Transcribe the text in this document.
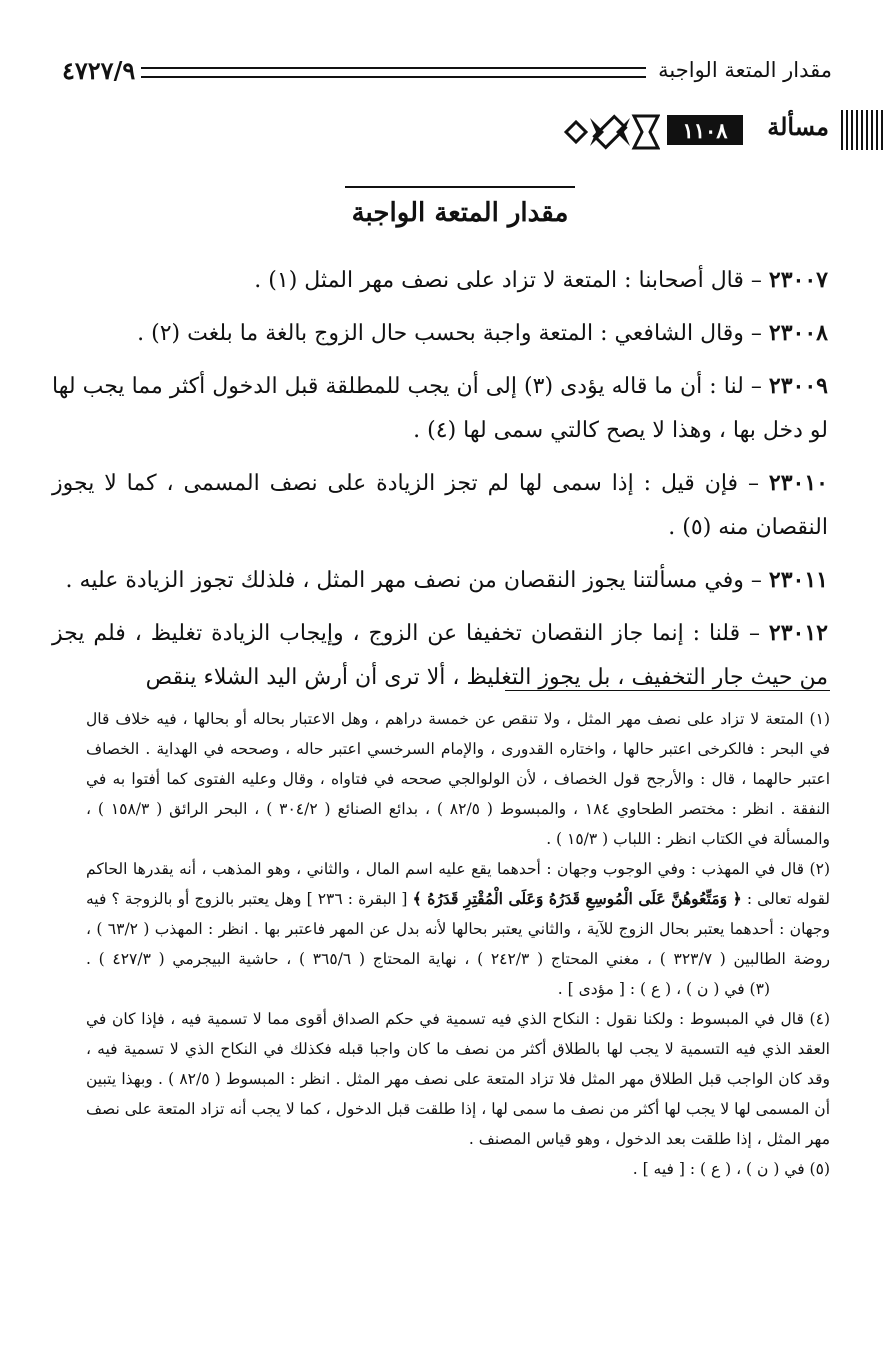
مقدار المتعة الواجبة
٤٧٢٧/٩
١١٠٨	مسألة
مقدار المتعة الواجبة

٢٣٠٠٧ – قال أصحابنا : المتعة لا تزاد على نصف مهر المثل (١) .

٢٣٠٠٨ – وقال الشافعي : المتعة واجبة بحسب حال الزوج بالغة ما بلغت (٢) .

٢٣٠٠٩ – لنا : أن ما قاله يؤدى (٣) إلى أن يجب للمطلقة قبل الدخول أكثر مما يجب لها لو دخل بها ، وهذا لا يصح كالتي سمى لها (٤) .

٢٣٠١٠ – فإن قيل : إذا سمى لها لم تجز الزيادة على نصف المسمى ، كما لا يجوز النقصان منه (٥) .

٢٣٠١١ – وفي مسألتنا يجوز النقصان من نصف مهر المثل ، فلذلك تجوز الزيادة عليه .

٢٣٠١٢ – قلنا : إنما جاز النقصان تخفيفا عن الزوج ، وإيجاب الزيادة تغليظ ، فلم يجز من حيث جار التخفيف ، بل يجوز التغليظ ، ألا ترى أن أرش اليد الشلاء ينقص

(١) المتعة لا تزاد على نصف مهر المثل ، ولا تنقص عن خمسة دراهم ، وهل الاعتبار بحاله أو بحالها ، فيه خلاف قال في البحر : فالكرخى اعتبر حالها ، واختاره القدورى ، والإمام السرخسي اعتبر حاله ، وصححه في الهداية . الخصاف اعتبر حالهما ، قال : والأرجح قول الخصاف ، لأن الولوالجي صححه في فتاواه ، وقال وعليه الفتوى كما أفتوا به في النفقة . انظر : مختصر الطحاوي ١٨٤ ، والمبسوط ( ٨٢/٥ ) ، بدائع الصنائع ( ٣٠٤/٢ ) ، البحر الرائق ( ١٥٨/٣ ) ، والمسألة في الكتاب انظر : اللباب ( ١٥/٣ ) .

(٢) قال في المهذب : وفي الوجوب وجهان : أحدهما يقع عليه اسم المال ، والثاني ، وهو المذهب ، أنه يقدرها الحاكم لقوله تعالى : ﴿ وَمَتِّعُوهُنَّ عَلَى الْمُوسِعِ قَدَرُهُ وَعَلَى الْمُقْتِرِ قَدَرُهُ ﴾ [ البقرة : ٢٣٦ ] وهل يعتبر بالزوج أو بالزوجة ؟ فيه وجهان : أحدهما يعتبر بحال الزوج للآية ، والثاني يعتبر بحالها لأنه بدل عن المهر فاعتبر بها . انظر : المهذب ( ٦٣/٢ ) ، روضة الطالبين ( ٣٢٣/٧ ) ، مغني المحتاج ( ٢٤٢/٣ ) ، نهاية المحتاج ( ٣٦٥/٦ ) ، حاشية البيجرمي ( ٤٢٧/٣ ) .(٣) في ( ن ) ، ( ع ) : [ مؤدى ] .

(٤) قال في المبسوط : ولكنا نقول : النكاح الذي فيه تسمية في حكم الصداق أقوى مما لا تسمية فيه ، فإذا كان في العقد الذي فيه التسمية لا يجب لها بالطلاق أكثر من نصف ما كان واجبا قبله فكذلك في النكاح الذي لا تسمية فيه ، وقد كان الواجب قبل الطلاق مهر المثل فلا تزاد المتعة على نصف مهر المثل . انظر : المبسوط ( ٨٢/٥ ) . وبهذا يتبين أن المسمى لها لا يجب لها أكثر من نصف ما سمى لها ، إذا طلقت قبل الدخول ، كما لا يجب أنه تزاد المتعة على نصف مهر المثل ، إذا طلقت بعد الدخول ، وهو قياس المصنف .

(٥) في ( ن ) ، ( ع ) : [ فيه ] .
